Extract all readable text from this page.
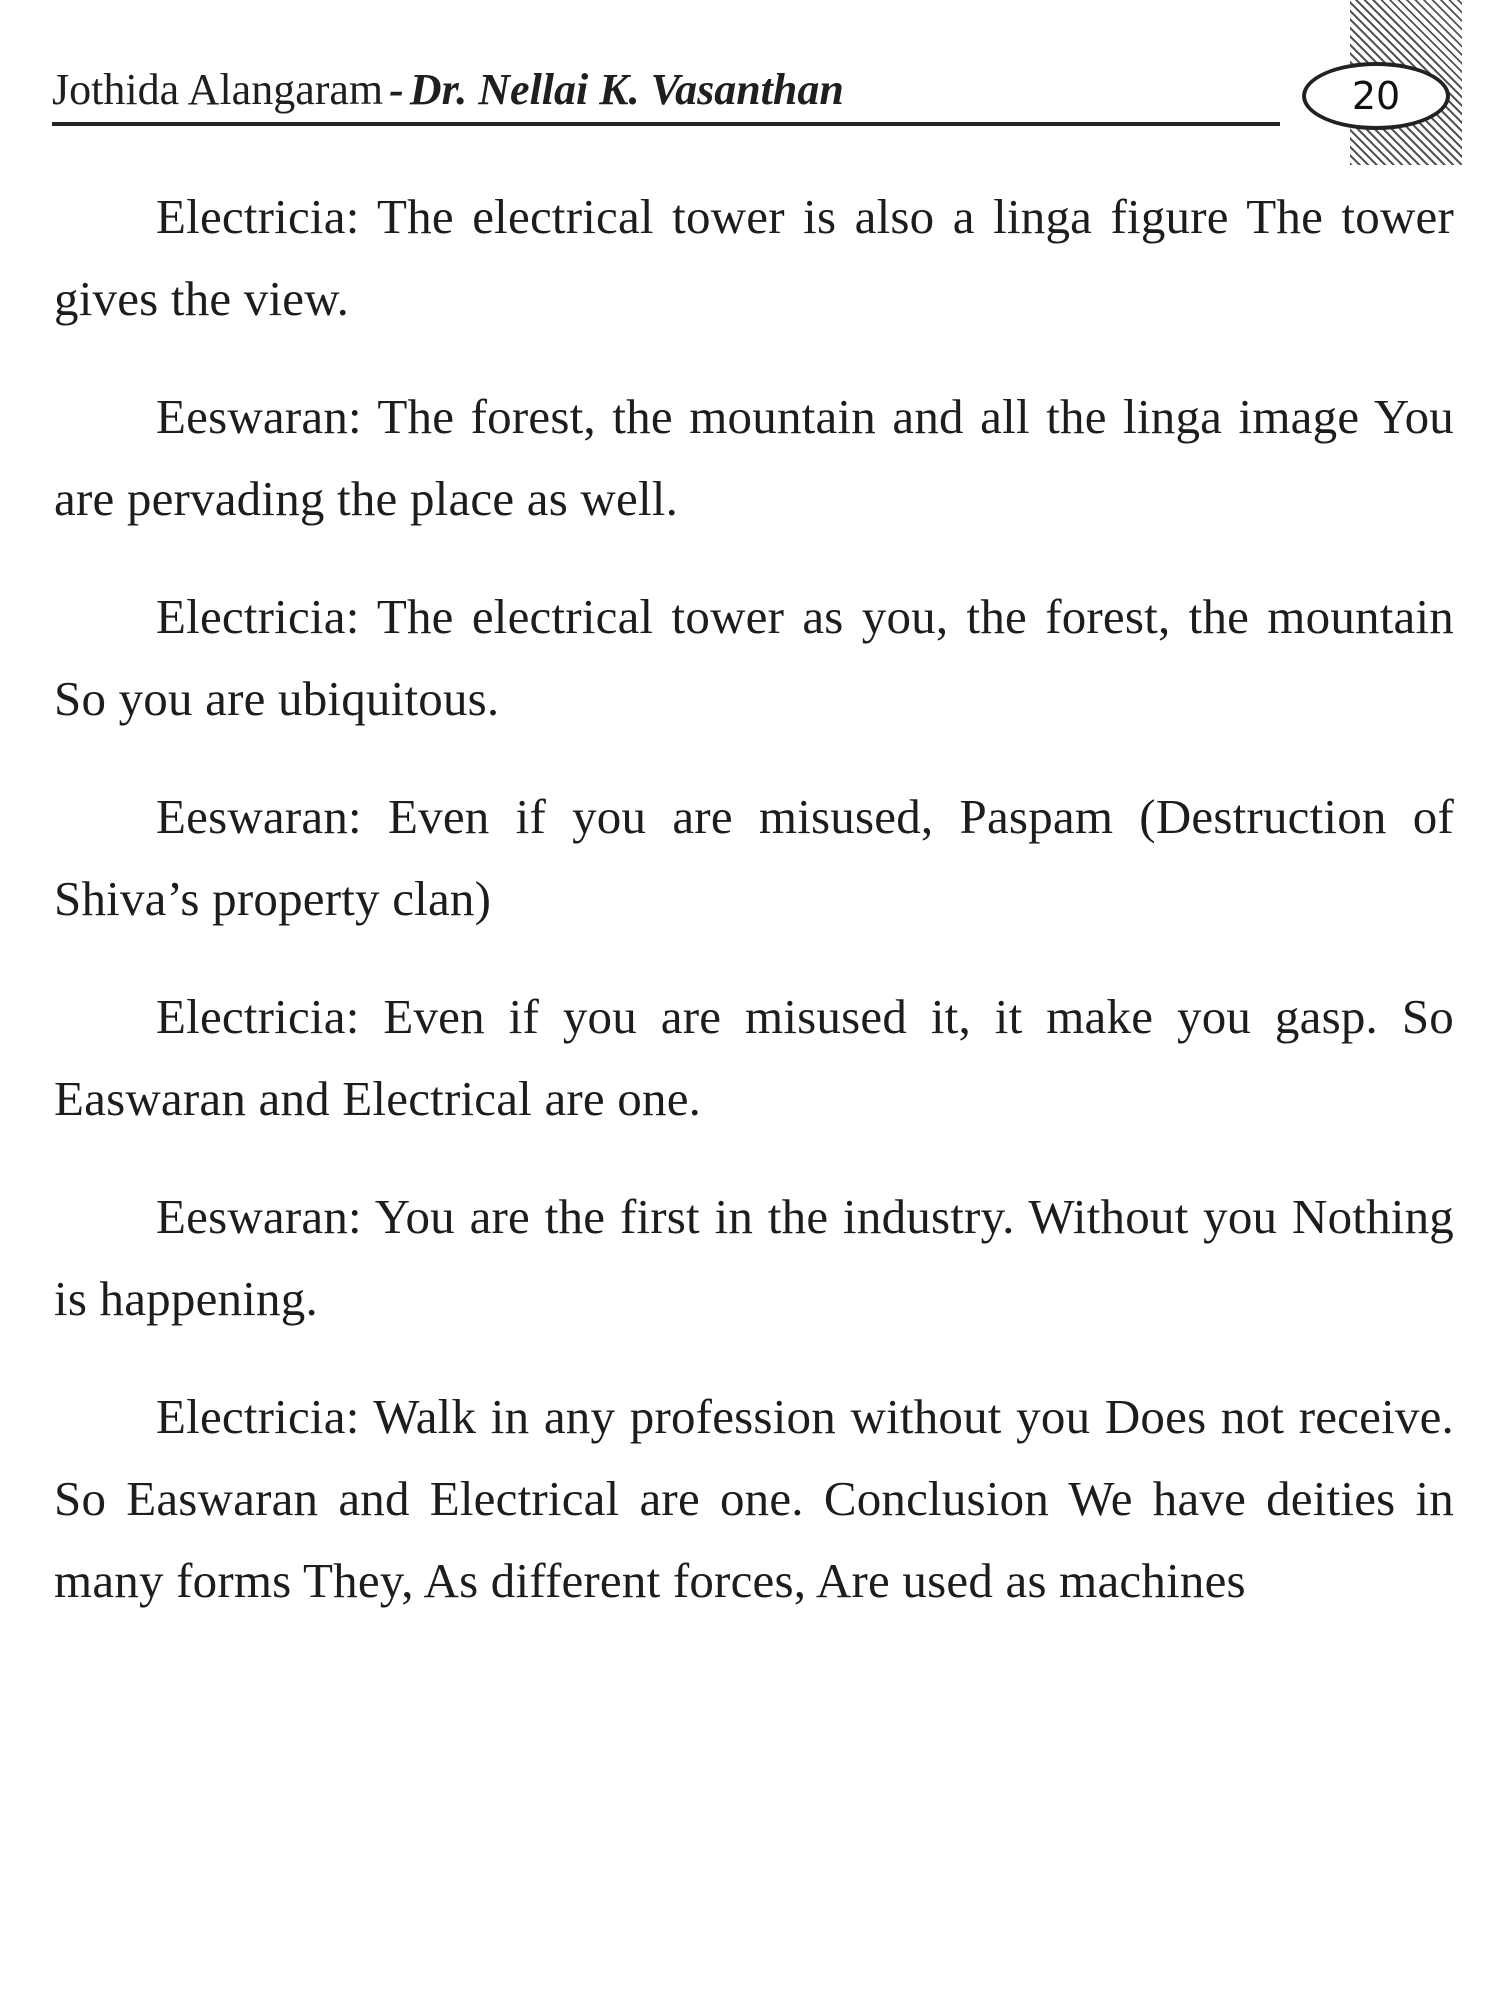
Jothida Alangaram - Dr. Nellai K. Vasanthan	20

Electricia: The electrical tower is also a linga figure The tower gives the view.

Eeswaran: The forest, the mountain and all the linga image You are pervading the place as well.

Electricia: The electrical tower as you, the forest, the mountain So you are ubiquitous.

Eeswaran: Even if you are misused, Paspam (Destruction of Shiva’s property clan)

Electricia: Even if you are misused it, it make you gasp. So Easwaran and Electrical are one.

Eeswaran: You are the first in the industry. Without you Nothing is happening.

Electricia: Walk in any profession without you Does not receive. So Easwaran and Electrical are one. Conclusion We have deities in many forms They, As different forces, Are used as machines
